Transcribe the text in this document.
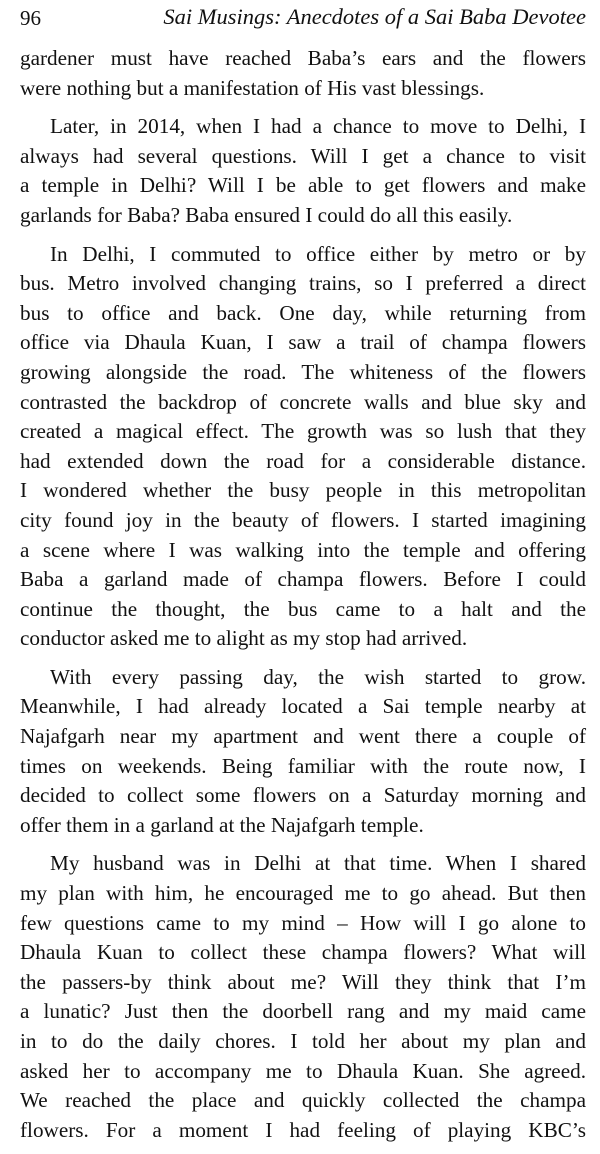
96	Sai Musings: Anecdotes of a Sai Baba Devotee
gardener must have reached Baba’s ears and the flowers
were nothing but a manifestation of His vast blessings.
Later, in 2014, when I had a chance to move to Delhi, I
always had several questions. Will I get a chance to visit
a temple in Delhi? Will I be able to get flowers and make
garlands for Baba? Baba ensured I could do all this easily.
In Delhi, I commuted to office either by metro or by
bus. Metro involved changing trains, so I preferred a direct
bus to office and back. One day, while returning from
office via Dhaula Kuan, I saw a trail of champa flowers
growing alongside the road. The whiteness of the flowers
contrasted the backdrop of concrete walls and blue sky and
created a magical effect. The growth was so lush that they
had extended down the road for a considerable distance.
I wondered whether the busy people in this metropolitan
city found joy in the beauty of flowers. I started imagining
a scene where I was walking into the temple and offering
Baba a garland made of champa flowers. Before I could
continue the thought, the bus came to a halt and the
conductor asked me to alight as my stop had arrived.
With every passing day, the wish started to grow.
Meanwhile, I had already located a Sai temple nearby at
Najafgarh near my apartment and went there a couple of
times on weekends. Being familiar with the route now, I
decided to collect some flowers on a Saturday morning and
offer them in a garland at the Najafgarh temple.
My husband was in Delhi at that time. When I shared
my plan with him, he encouraged me to go ahead. But then
few questions came to my mind – How will I go alone to
Dhaula Kuan to collect these champa flowers? What will
the passers-by think about me? Will they think that I’m
a lunatic? Just then the doorbell rang and my maid came
in to do the daily chores. I told her about my plan and
asked her to accompany me to Dhaula Kuan. She agreed.
We reached the place and quickly collected the champa
flowers. For a moment I had feeling of playing KBC’s
